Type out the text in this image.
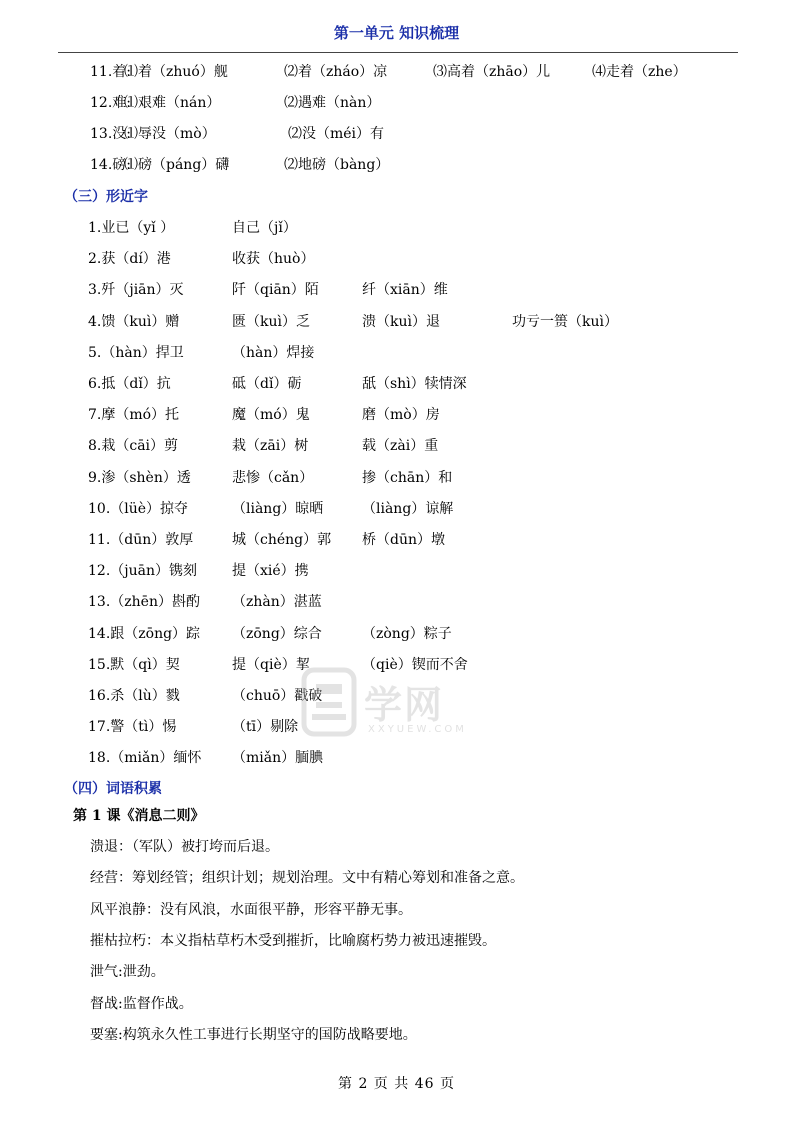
第一单元 知识梳理
11.着:
⑴着（zhuó）舰	⑵着（zháo）凉	⑶高着（zhāo）儿	⑷走着（zhe）
12.难:
⑴艰难（nán）	⑵遇难（nàn）
13.没:
⑴辱没（mò）	⑵没（méi）有
14.磅:
⑴磅（páng）礴	⑵地磅（bàng）
（三）形近字
1.业已（yǐ ）	自己（jǐ）
2.获（dí）港	收获（huò）
3.歼（jiān）灭	阡（qiān）陌	纤（xiān）维
4.馈（kuì）赠	匮（kuì）乏	溃（kuì）退	功亏一篑（kuì）
5.（hàn）捍卫	（hàn）焊接
6.抵（dǐ）抗	砥（dǐ）砺	舐（shì）犊情深
7.摩（mó）托	魔（mó）鬼	磨（mò）房
8.栽（cāi）剪	栽（zāi）树	载（zài）重
9.渗（shèn）透	悲惨（cǎn）	掺（chān）和
10.（lüè）掠夺	（liàng）晾晒	（liàng）谅解
11.（dūn）敦厚	城（chéng）郭 桥（dūn）墩
12.（juān）镌刻	提（xié）携
13.（zhēn）斟酌 （zhàn）湛蓝
14.跟（zōng）踪 （zōng）综合	（zòng）粽子
15.默（qì）契	提（qiè）挈	（qiè）锲而不舍
16.杀（lù）戮	（chuō）戳破
17.警（tì）惕	（tī）剔除
18.（miǎn）缅怀 （miǎn）腼腆
（四）词语积累
第 1 课《消息二则》
溃退：（军队）被打垮而后退。
经营：筹划经管；组织计划；规划治理。文中有精心筹划和准备之意。
风平浪静：没有风浪，水面很平静，形容平静无事。
摧枯拉朽：本义指枯草朽木受到摧折，比喻腐朽势力被迅速摧毁。
泄气:泄劲。
督战:监督作战。
要塞:构筑永久性工事进行长期坚守的国防战略要地。
学网
XXYUEW.COM
第 2 页 共 46 页
